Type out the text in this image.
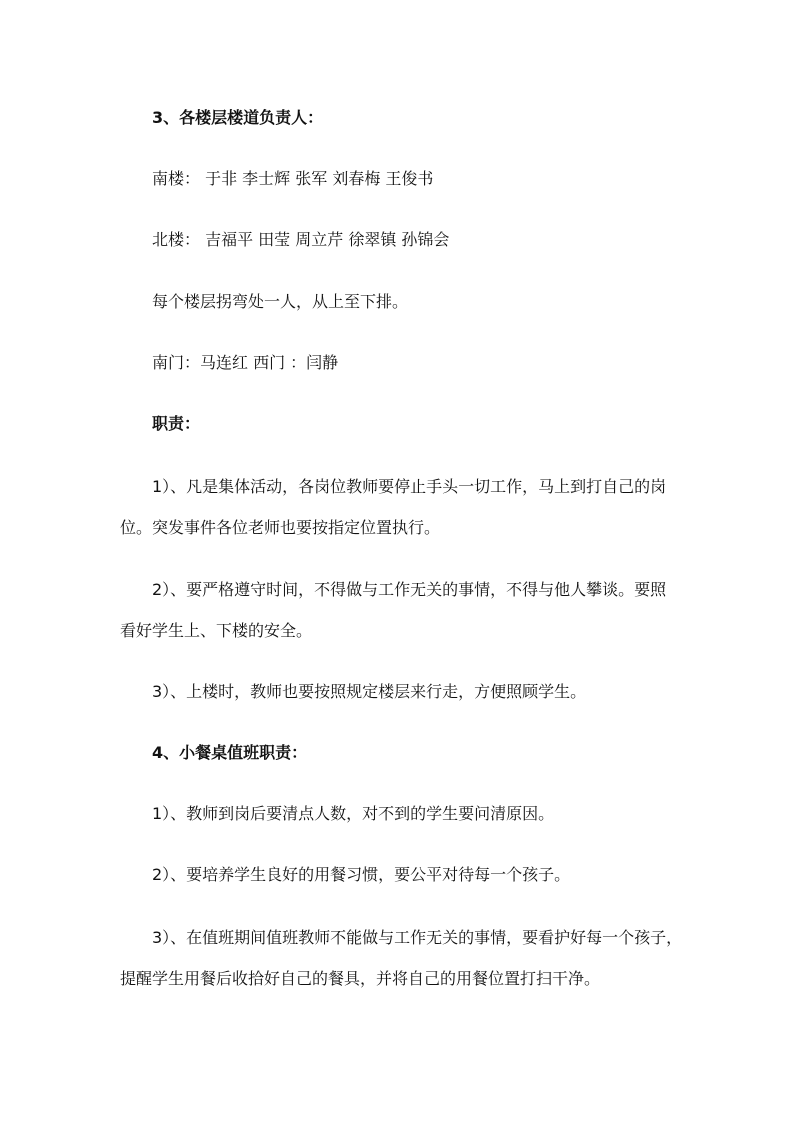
3、各楼层楼道负责人：
南楼： 于非 李士辉 张军 刘春梅 王俊书
北楼： 吉福平 田莹 周立芹 徐翠镇 孙锦会
每个楼层拐弯处一人，从上至下排。
南门：马连红 西门 ：闫静
职责：
1）、凡是集体活动，各岗位教师要停止手头一切工作，马上到打自己的岗
位。突发事件各位老师也要按指定位置执行。
2）、要严格遵守时间，不得做与工作无关的事情，不得与他人攀谈。要照
看好学生上、下楼的安全。
3）、上楼时，教师也要按照规定楼层来行走，方便照顾学生。
4、小餐桌值班职责：
1）、教师到岗后要清点人数，对不到的学生要问清原因。
2）、要培养学生良好的用餐习惯，要公平对待每一个孩子。
3）、在值班期间值班教师不能做与工作无关的事情，要看护好每一个孩子，
提醒学生用餐后收拾好自己的餐具，并将自己的用餐位置打扫干净。
